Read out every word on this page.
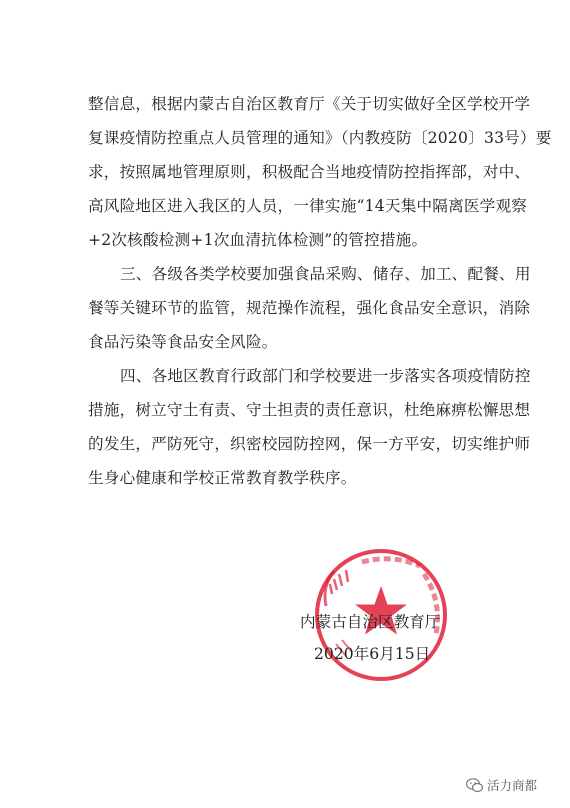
整信息，根据内蒙古自治区教育厅《关于切实做好全区学校开学
复课疫情防控重点人员管理的通知》（内教疫防〔2020〕33号）要
求，按照属地管理原则，积极配合当地疫情防控指挥部，对中、
高风险地区进入我区的人员，一律实施“14天集中隔离医学观察
+2次核酸检测+1次血清抗体检测”的管控措施。
三、各级各类学校要加强食品采购、储存、加工、配餐、用
餐等关键环节的监管，规范操作流程，强化食品安全意识，消除
食品污染等食品安全风险。
四、各地区教育行政部门和学校要进一步落实各项疫情防控
措施，树立守土有责、守土担责的责任意识，杜绝麻痹松懈思想
的发生，严防死守，织密校园防控网，保一方平安，切实维护师
生身心健康和学校正常教育教学秩序。
内蒙古自治区教育厅
2020年6月15日
活力商都
